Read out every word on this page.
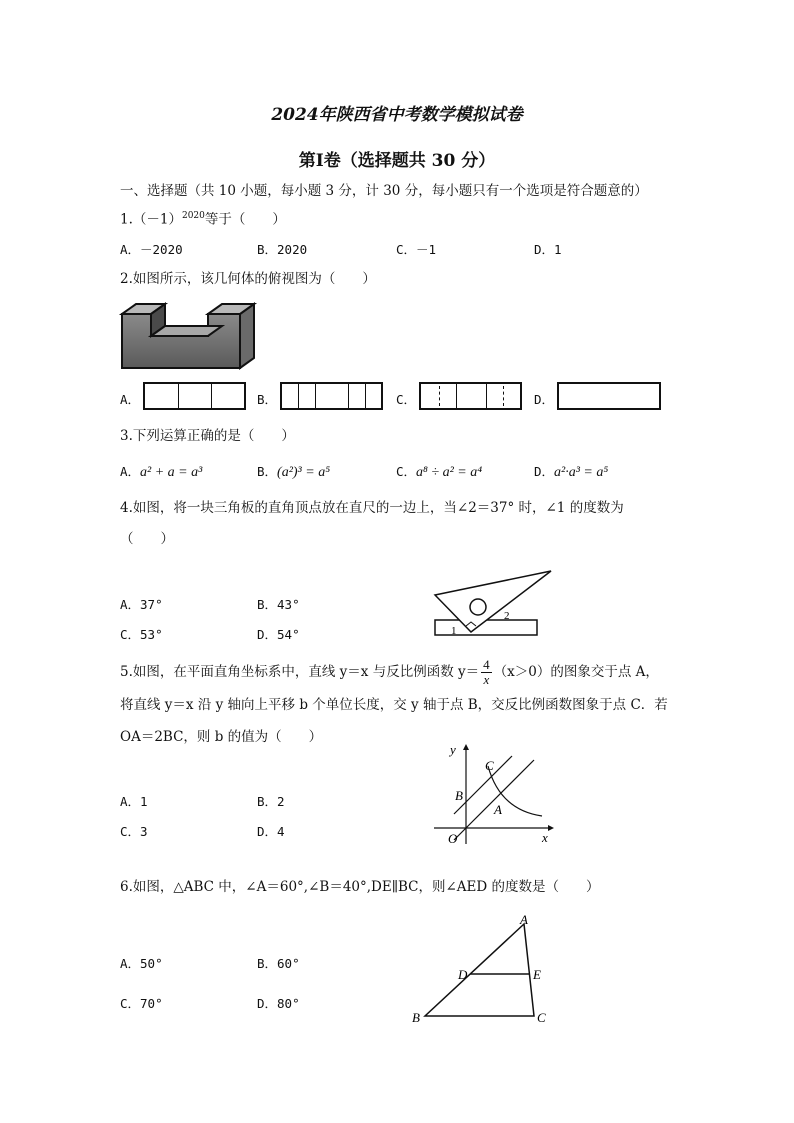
2024年陕西省中考数学模拟试卷
第Ⅰ卷（选择题共 30 分）
一、选择题（共 10 小题，每小题 3 分，计 30 分，每小题只有一个选项是符合题意的）
$1.(-1)^{2020}$等于（　　）
A．－2020	B．2020	C．－1	D．1
2.如图所示，该几何体的俯视图为（　　）
A．	B．	C．	D．
3.下列运算正确的是（　　）
A．a² + a = a³	B．(a²)³ = a⁵	C．a⁸ ÷ a² = a⁴	D．a²·a³ = a⁵
4.如图，将一块三角板的直角顶点放在直尺的一边上，当∠2＝37° 时，∠1 的度数为
（　　）
A．37°	B．43°
C．53°	D．54°	1
2
5.如图，在平面直角坐标系中，直线 y＝x 与反比例函数 $y= \frac{4}{x} (x>0)$的图象交于点 A，
将直线 y＝x 沿 y 轴向上平移 b 个单位长度，交 y 轴于点 B，交反比例函数图象于点 C．若
OA＝2BC，则 b 的值为（　　）
A．1	B．2
C．3	D．4
y
C
B
A
O	x
6.如图，△ABC 中，∠A＝60°,∠B＝40°,DE∥BC，则∠AED 的度数是（　　）
A．50°	B．60°
C．70°	D．80°
A
D	E
B	C
